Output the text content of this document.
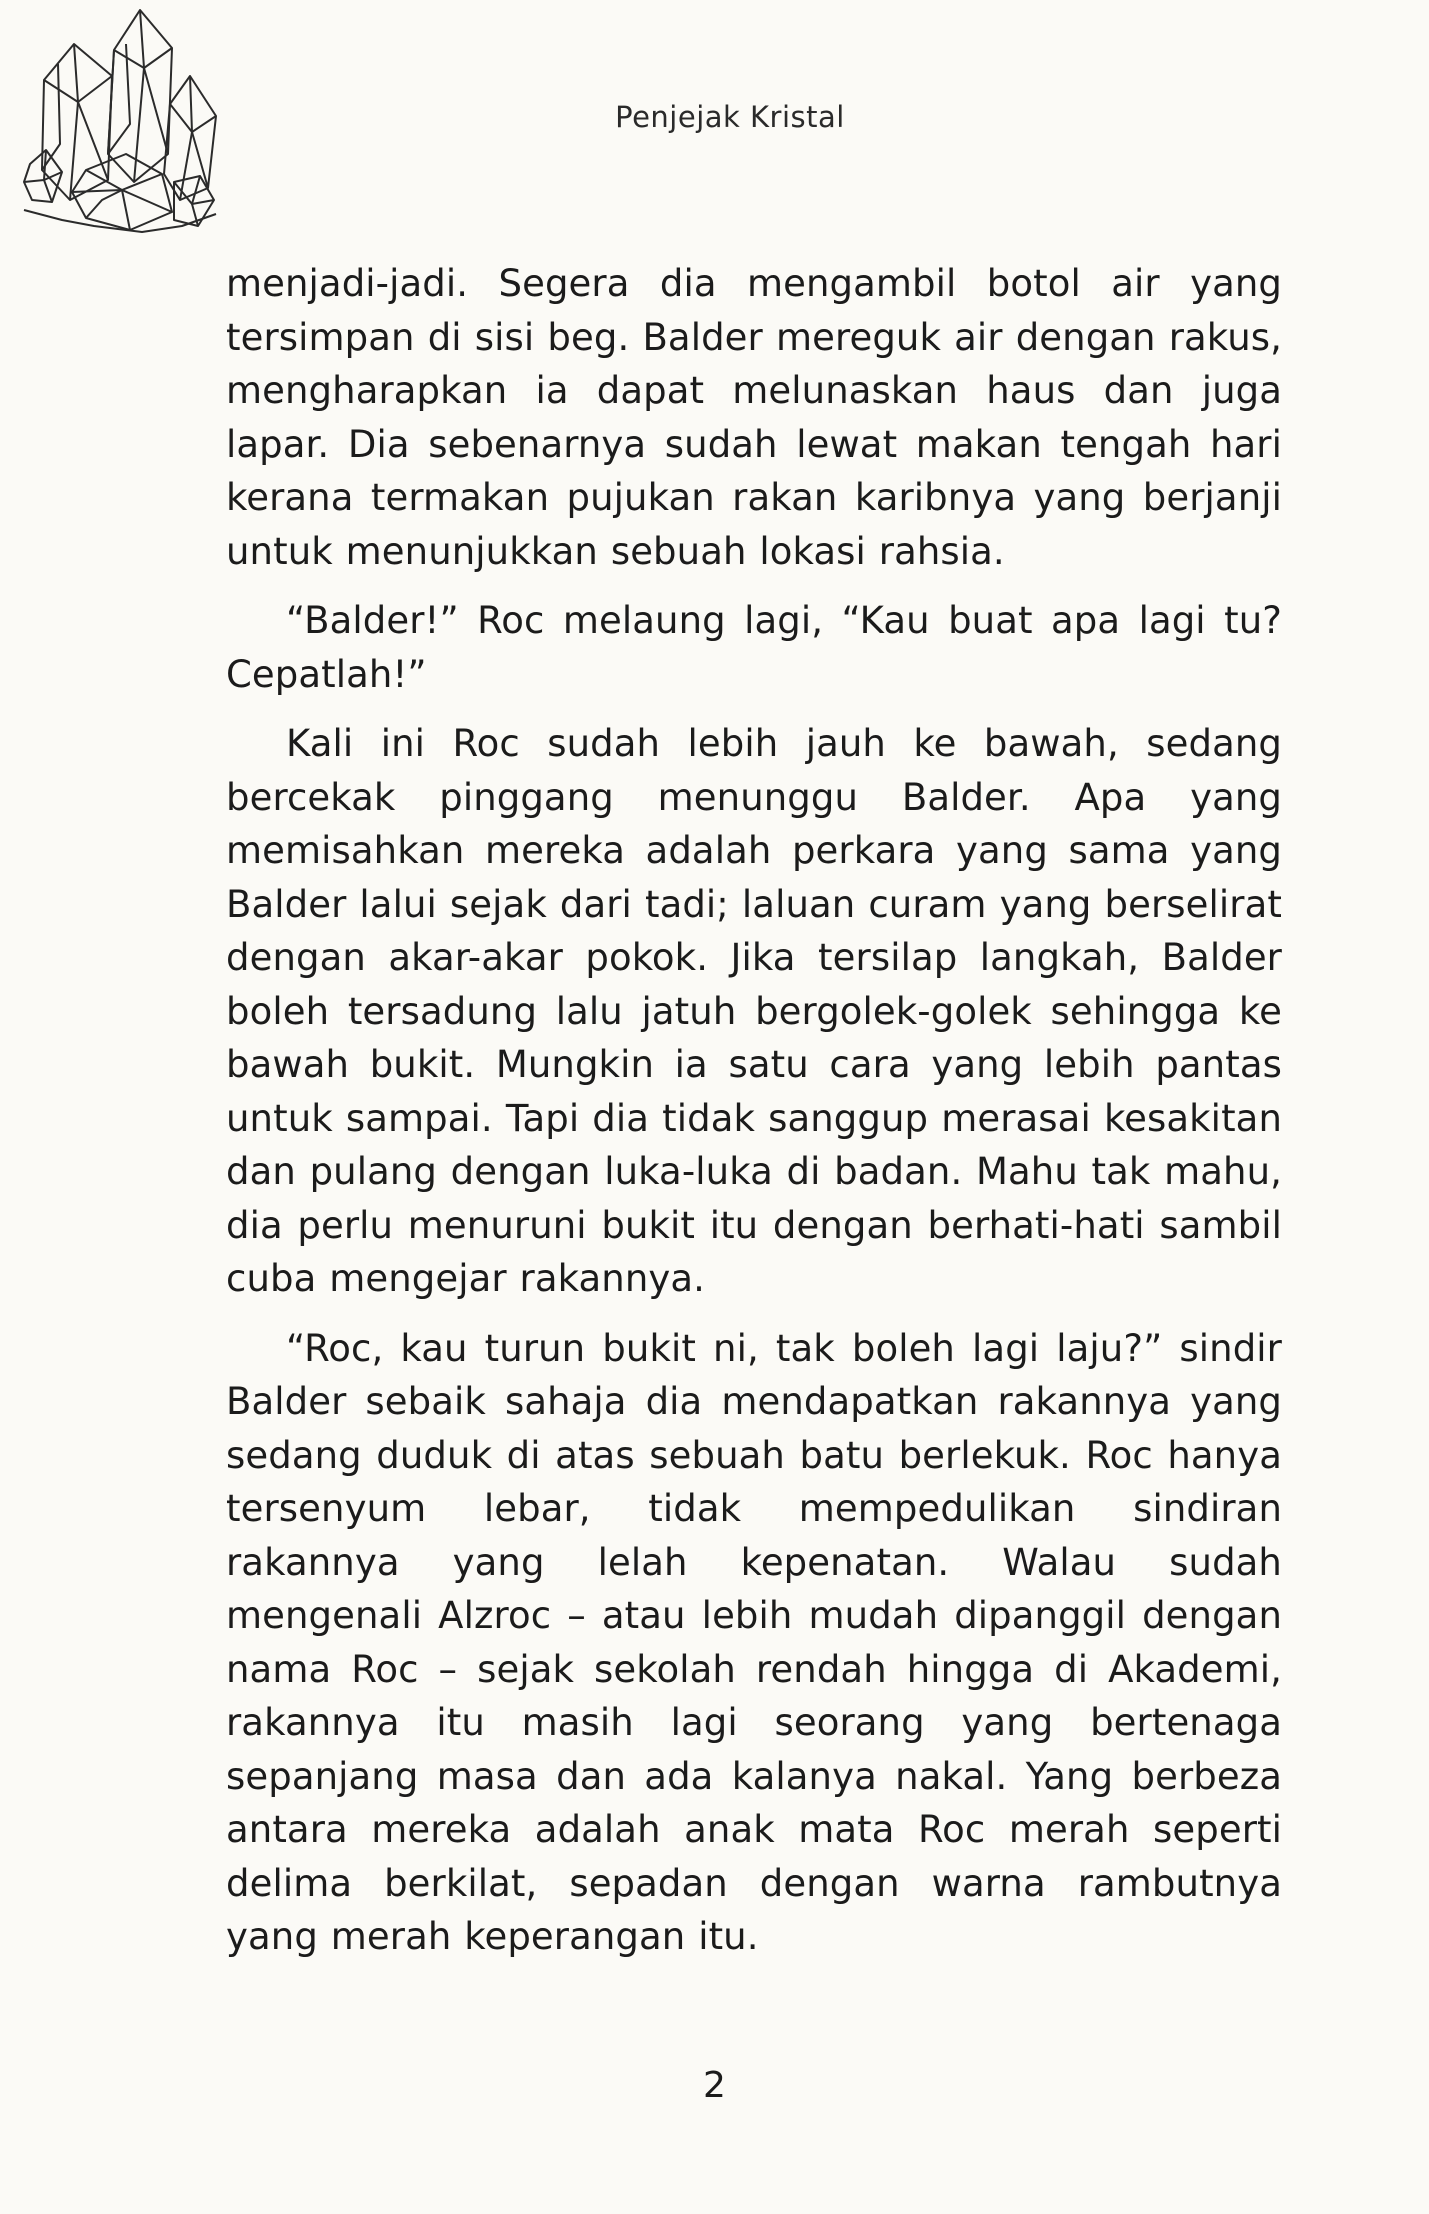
Penjejak Kristal

menjadi-jadi. Segera dia mengambil botol air yang tersimpan di sisi beg. Balder mereguk air dengan rakus, mengharapkan ia dapat melunaskan haus dan juga lapar. Dia sebenarnya sudah lewat makan tengah hari kerana termakan pujukan rakan karibnya yang berjanji untuk menunjukkan sebuah lokasi rahsia.

“Balder!” Roc melaung lagi, “Kau buat apa lagi tu? Cepatlah!”

Kali ini Roc sudah lebih jauh ke bawah, sedang bercekak pinggang menunggu Balder. Apa yang memisahkan mereka adalah perkara yang sama yang Balder lalui sejak dari tadi; laluan curam yang berselirat dengan akar-akar pokok. Jika tersilap langkah, Balder boleh tersadung lalu jatuh bergolek-golek sehingga ke bawah bukit. Mungkin ia satu cara yang lebih pantas untuk sampai. Tapi dia tidak sanggup merasai kesakitan dan pulang dengan luka-luka di badan. Mahu tak mahu, dia perlu menuruni bukit itu dengan berhati-hati sambil cuba mengejar rakannya.

“Roc, kau turun bukit ni, tak boleh lagi laju?” sindir Balder sebaik sahaja dia mendapatkan rakannya yang sedang duduk di atas sebuah batu berlekuk. Roc hanya tersenyum lebar, tidak mempedulikan sindiran rakannya yang lelah kepenatan. Walau sudah mengenali Alzroc – atau lebih mudah dipanggil dengan nama Roc – sejak sekolah rendah hingga di Akademi, rakannya itu masih lagi seorang yang bertenaga sepanjang masa dan ada kalanya nakal. Yang berbeza antara mereka adalah anak mata Roc merah seperti delima berkilat, sepadan dengan warna rambutnya yang merah keperangan itu.

2
